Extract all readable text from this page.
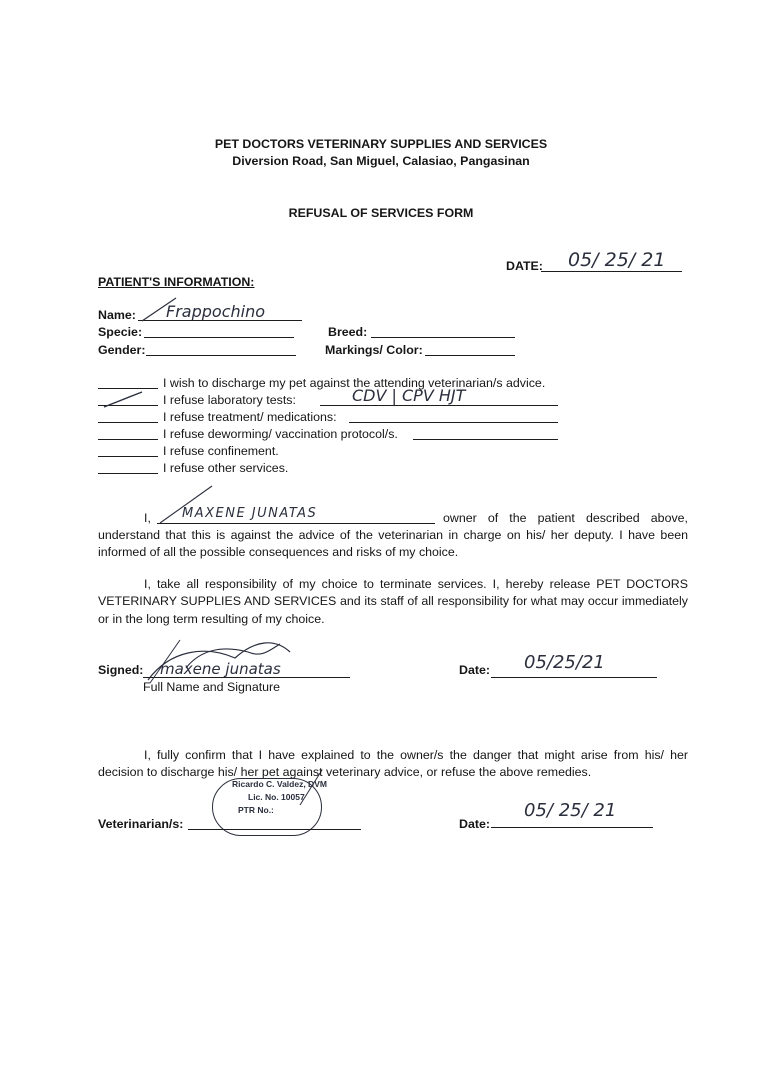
PET DOCTORS VETERINARY SUPPLIES AND SERVICES
Diversion Road, San Miguel, Calasiao, Pangasinan
REFUSAL OF SERVICES FORM
DATE: 05/ 25/ 21
PATIENT'S INFORMATION:
Name: Frappochino
Specie:	Breed:
Gender:	Markings/ Color:
I wish to discharge my pet against the attending veterinarian/s advice.
I refuse laboratory tests:	CDV | CPV HJT
I refuse treatment/ medications:
I refuse deworming/ vaccination protocol/s.
I refuse confinement.
I refuse other services.
I, MAXENE JUNATAS	owner of the patient described above,
understand that this is against the advice of the veterinarian in charge on his/ her deputy. I have been informed of all the possible consequences and risks of my choice.
I, take all responsibility of my choice to terminate services. I, hereby release PET DOCTORS VETERINARY SUPPLIES AND SERVICES and its staff of all responsibility for what may occur immediately or in the long term resulting of my choice.
Signed: maxene junatas
Full Name and Signature
Date: 05/25/21
I, fully confirm that I have explained to the owner/s the danger that might arise from his/ her decision to discharge his/ her pet against veterinary advice, or refuse the above remedies.
Ricardo C. Valdez, DVM
Lic. No. 10057
PTR No.:
Veterinarian/s:	Date:
05/ 25/ 21
